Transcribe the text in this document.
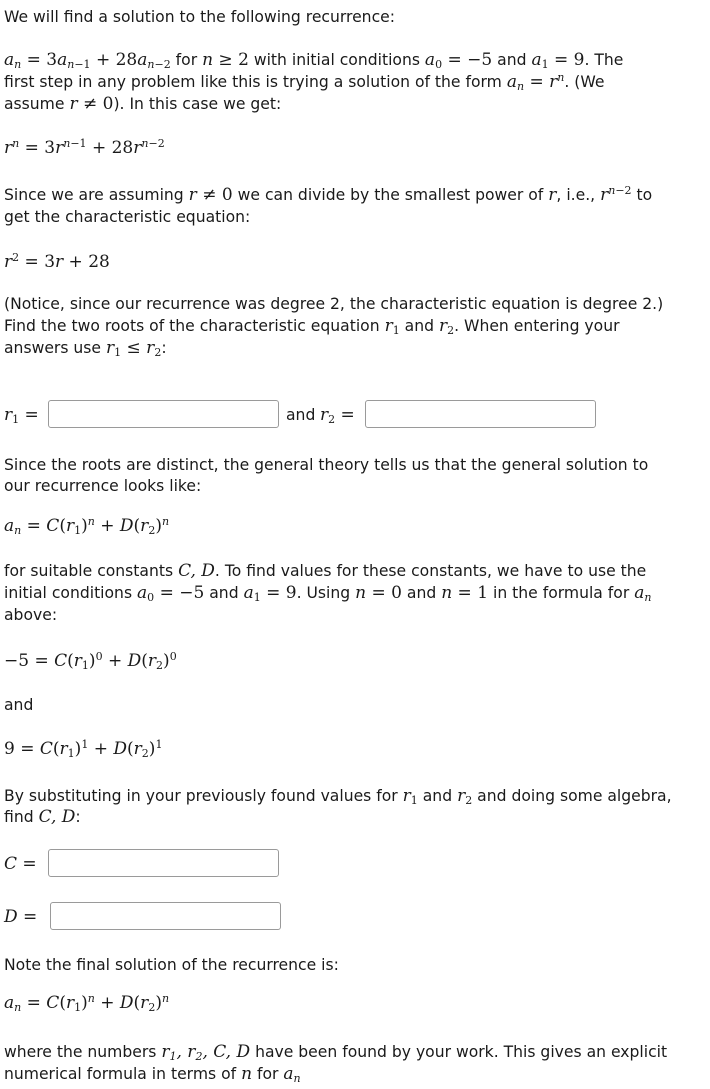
We will find a solution to the following recurrence:
$a_n = 3a_{n-1} + 28a_{n-2}$ for n ≥ 2 with initial conditions $a_0 = -5$ and $a_1 = 9$. The
first step in any problem like this is trying a solution of the form $a_n = r^n$. (We
assume r ≠ 0). In this case we get:
$r^n = 3r^{n-1} + 28r^{n-2}$
Since we are assuming r ≠ 0 we can divide by the smallest power of r, i.e., $r^{n-2}$ to
get the characteristic equation:
$r^2 = 3r + 28$
(Notice, since our recurrence was degree 2, the characteristic equation is degree 2.)
Find the two roots of the characteristic equation $r_1$ and $r_2$. When entering your
answers use $r_1 \le r_2$:
$r_1$ =	and $r_2$ =
Since the roots are distinct, the general theory tells us that the general solution to
our recurrence looks like:
$a_n = C(r_1)^n + D(r_2)^n$
for suitable constants C, D. To find values for these constants, we have to use the
initial conditions $a_0 = -5$ and $a_1 = 9$. Using n = 0 and n = 1 in the formula for $a_n$
above:
$-5 = C(r_1)^0 + D(r_2)^0$
and
$9 = C(r_1)^1 + D(r_2)^1$
By substituting in your previously found values for $r_1$ and $r_2$ and doing some algebra,
find C, D:
C =
D =
Note the final solution of the recurrence is:
$a_n = C(r_1)^n + D(r_2)^n$
where the numbers $r_1$, $r_2$, C, D have been found by your work. This gives an explicit
numerical formula in terms of n for $a_n$
